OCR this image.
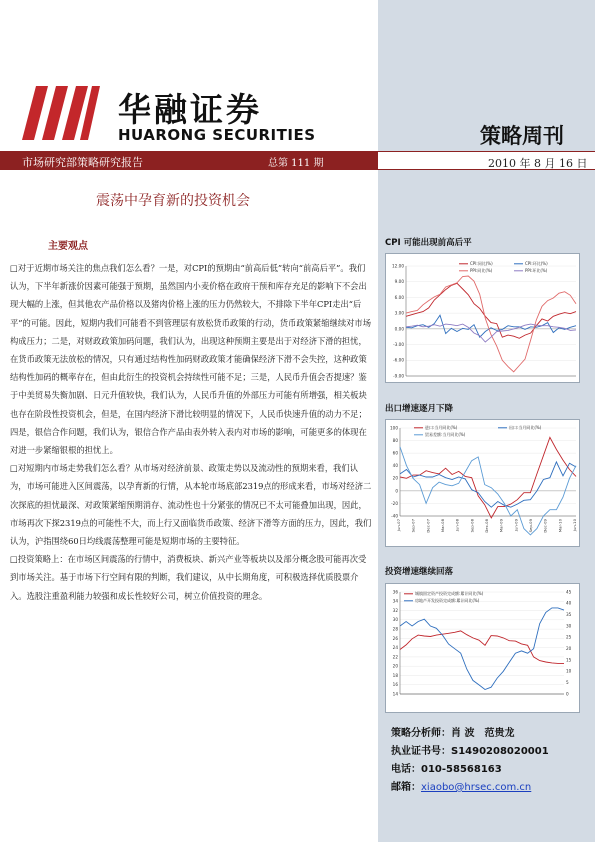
华融证券
HUARONG SECURITIES	策略周刊
市场研究部策略研究报告	总第 111 期	2010 年 8 月 16 日
震荡中孕育新的投资机会
主要观点

□对于近期市场关注的焦点我们怎么看？一是，对CPI的预期由“前高后低”转向“前高后平”。我们认为，下半年新涨价因素可能强于预期，虽然国内小麦价格在政府干预和库存充足的影响下不会出现大幅的上涨，但其他农产品价格以及猪肉价格上涨的压力仍然较大，不排除下半年CPI走出“后平”的可能。因此，短期内我们可能看不到管理层有放松货币政策的行动，货币政策紧缩继续对市场构成压力；二是，对财政政策加码问题，我们认为，出现这种预期主要是出于对经济下滑的担忧，在货币政策无法放松的情况，只有通过结构性加码财政政策才能确保经济下滑不会失控，这种政策结构性加码的概率存在，但由此衍生的投资机会持续性可能不足；三是，人民币升值会否提速？鉴于中美贸易失衡加剧、日元升值较快，我们认为，人民币升值的外部压力可能有所增强，相关板块也存在阶段性投资机会，但是，在国内经济下滑比较明显的情况下，人民币快速升值的动力不足；四是，银信合作问题，我们认为，银信合作产品由表外转入表内对市场的影响，可能更多的体现在对进一步紧缩银根的担忧上。

□对短期内市场走势我们怎么看？从市场对经济前景、政策走势以及流动性的预期来看，我们认为，市场可能进入区间震荡，以孕育新的行情，从本轮市场底部2319点的形成来看，市场对经济二次探底的担忧最深、对政策紧缩预期消存、流动性也十分紧张的情况已不太可能叠加出现，因此，市场再次下探2319点的可能性不大，而上行又面临货币政策、经济下滑等方面的压力，因此，我们认为，沪指围绕60日均线震荡整理可能是短期市场的主要特征。

□投资策略上：在市场区间震荡的行情中，消费板块、新兴产业等板块以及部分概念股可能再次受到市场关注。基于市场下行空间有限的判断，我们建议，从中长期角度，可积极选择优质股票介入。选股注重盈利能力较强和成长性较好公司，树立价值投资的理念。

CPI 可能出现前高后平
-9.00
-6.00
-3.00
0.00
3.00
6.00
9.00
12.00	CPI:同比(%)	CPI:环比(%)
PPI:同比(%)	PPI:环比(%)
出口增速逐月下降
-40
-20
0
20
40
60
80
100	进口:当月同比(%)	出口:当月同比(%)
贸易差额:当月同比(%)
Jun-07	Sep-07	Dec-07	Mar-08	Jun-08	Sep-08	Dec-08	Mar-09	Jun-09	Sep-09	Dec-09	Mar-10	Jun-10
投资增速继续回落
14
16
18
20
22
24
26
28
30
32
34
36
0
5
10
15
20
25
30
35
40
45
城镇固定资产投资完成额:累计同比(%)
房地产开发投资完成额:累计同比(%)
策略分析师：肖 波　范贵龙
执业证书号：S1490208020001
电话：010-58568163
邮箱：xiaobo@hrsec.com.cn
